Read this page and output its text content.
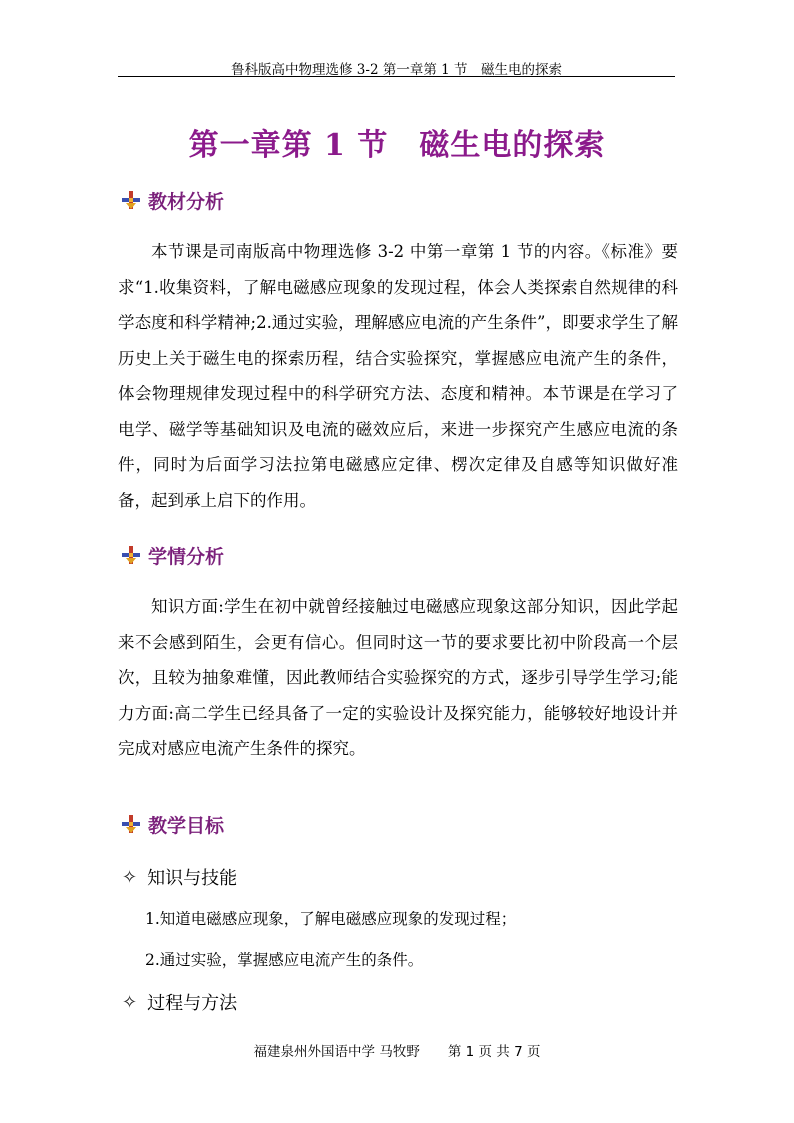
鲁科版高中物理选修 3-2 第一章第 1 节　磁生电的探索
第一章第 1 节　磁生电的探索
教材分析

本节课是司南版高中物理选修 3-2 中第一章第 1 节的内容。《标准》要求“1.收集资料，了解电磁感应现象的发现过程，体会人类探索自然规律的科学态度和科学精神;2.通过实验，理解感应电流的产生条件”，即要求学生了解历史上关于磁生电的探索历程，结合实验探究，掌握感应电流产生的条件，体会物理规律发现过程中的科学研究方法、态度和精神。本节课是在学习了电学、磁学等基础知识及电流的磁效应后，来进一步探究产生感应电流的条件，同时为后面学习法拉第电磁感应定律、楞次定律及自感等知识做好准备，起到承上启下的作用。

学情分析

知识方面:学生在初中就曾经接触过电磁感应现象这部分知识，因此学起来不会感到陌生，会更有信心。但同时这一节的要求要比初中阶段高一个层次，且较为抽象难懂，因此教师结合实验探究的方式，逐步引导学生学习;能力方面:高二学生已经具备了一定的实验设计及探究能力，能够较好地设计并完成对感应电流产生条件的探究。

教学目标
✧ 知识与技能
1.知道电磁感应现象，了解电磁感应现象的发现过程；
2.通过实验，掌握感应电流产生的条件。
✧ 过程与方法
福建泉州外国语中学 马牧野 第 1 页 共 7 页
